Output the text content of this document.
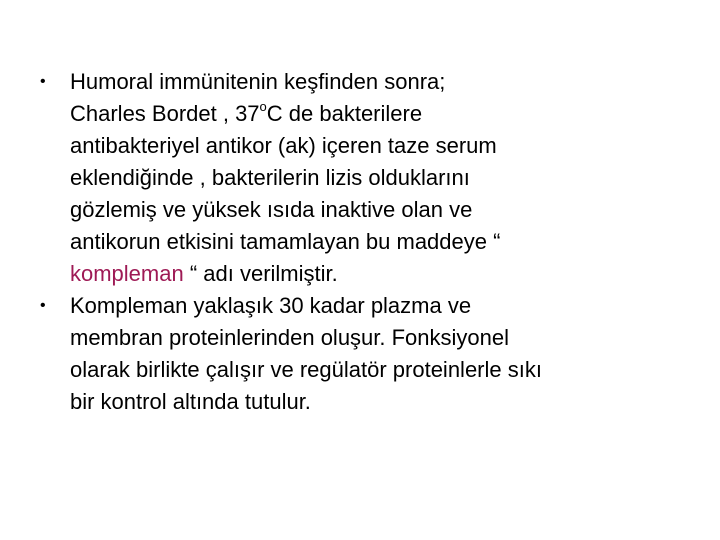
•	Humoral immünitenin keşfinden sonra;
Charles Bordet , 37$^o$C de bakterilere
antibakteriyel antikor (ak) içeren taze serum
eklendiğinde , bakterilerin lizis olduklarını
gözlemiş ve yüksek ısıda inaktive olan ve
antikorun etkisini tamamlayan bu maddeye “
kompleman “ adı verilmiştir.
•	Kompleman yaklaşık 30 kadar plazma ve
membran proteinlerinden oluşur. Fonksiyonel
olarak birlikte çalışır ve regülatör proteinlerle sıkı
bir kontrol altında tutulur.
